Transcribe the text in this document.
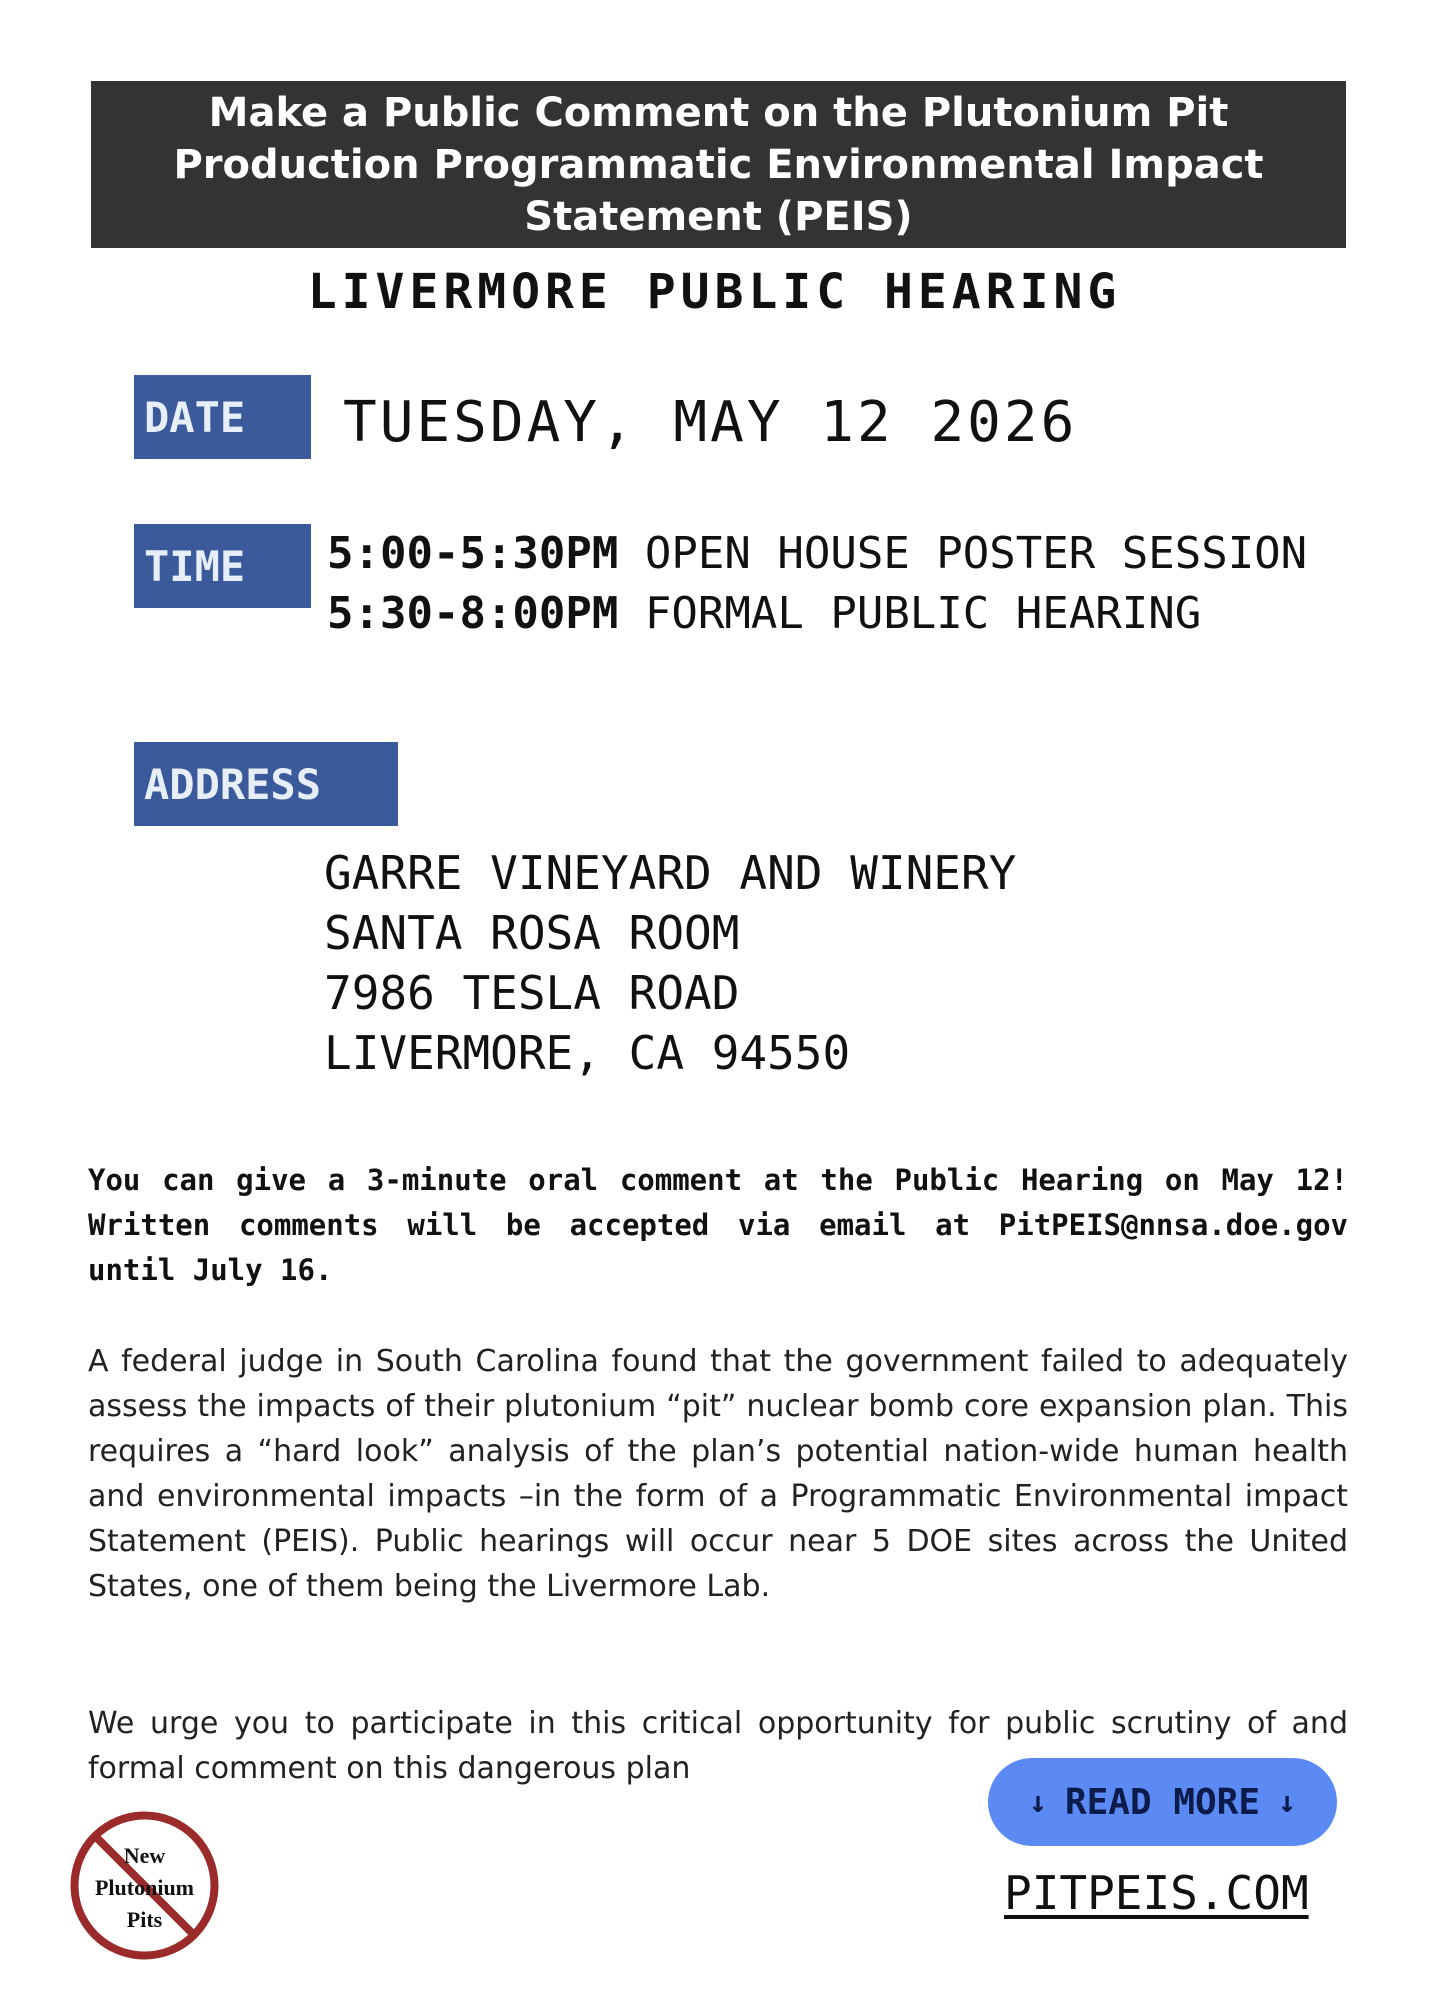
Make a Public Comment on the Plutonium Pit Production Programmatic Environmental Impact Statement (PEIS)
LIVERMORE PUBLIC HEARING
DATE	TUESDAY, MAY 12 2026
TIME	5:00-5:30PM OPEN HOUSE POSTER SESSION
5:30-8:00PM FORMAL PUBLIC HEARING
ADDRESS
GARRE VINEYARD AND WINERY
SANTA ROSA ROOM
7986 TESLA ROAD
LIVERMORE, CA 94550
You can give a 3-minute oral comment at the Public Hearing on May 12! Written comments will be accepted via email at PitPEIS@nnsa.doe.gov until July 16.
A federal judge in South Carolina found that the government failed to adequately assess the impacts of their plutonium “pit” nuclear bomb core expansion plan. This requires a “hard look” analysis of the plan’s potential nation-wide human health and environmental impacts –in the form of a Programmatic Environmental impact Statement (PEIS). Public hearings will occur near 5 DOE sites across the United States, one of them being the Livermore Lab.
We urge you to participate in this critical opportunity for public scrutiny of and formal comment on this dangerous plan
↓ READ MORE ↓
PITPEIS.COM
New
Plutonium
Pits
